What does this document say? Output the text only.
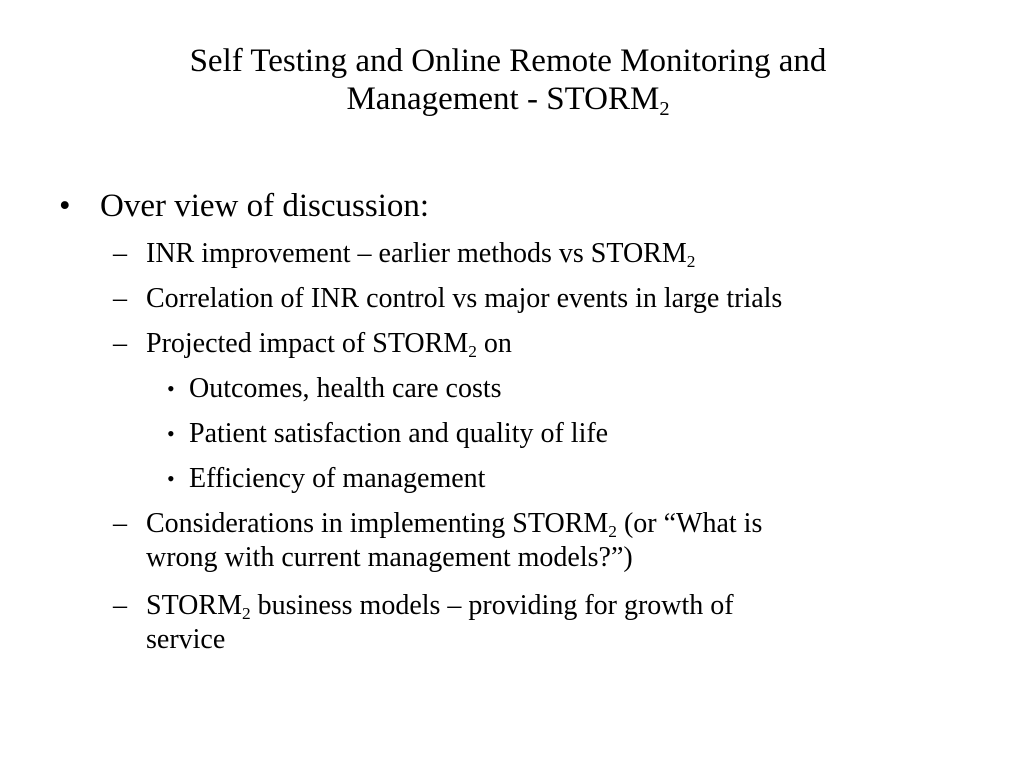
Self Testing and Online Remote Monitoring and
Management - $STORM_2$
• Over view of discussion:
– INR improvement – earlier methods vs $STORM_2$
– Correlation of INR control vs major events in large trials
– Projected impact of $STORM_2$ on
• Outcomes, health care costs
• Patient satisfaction and quality of life
• Efficiency of management
– Considerations in implementing $STORM_2$ (or “What is
wrong with current management models?”)
– $STORM_2$ business models – providing for growth of
service
